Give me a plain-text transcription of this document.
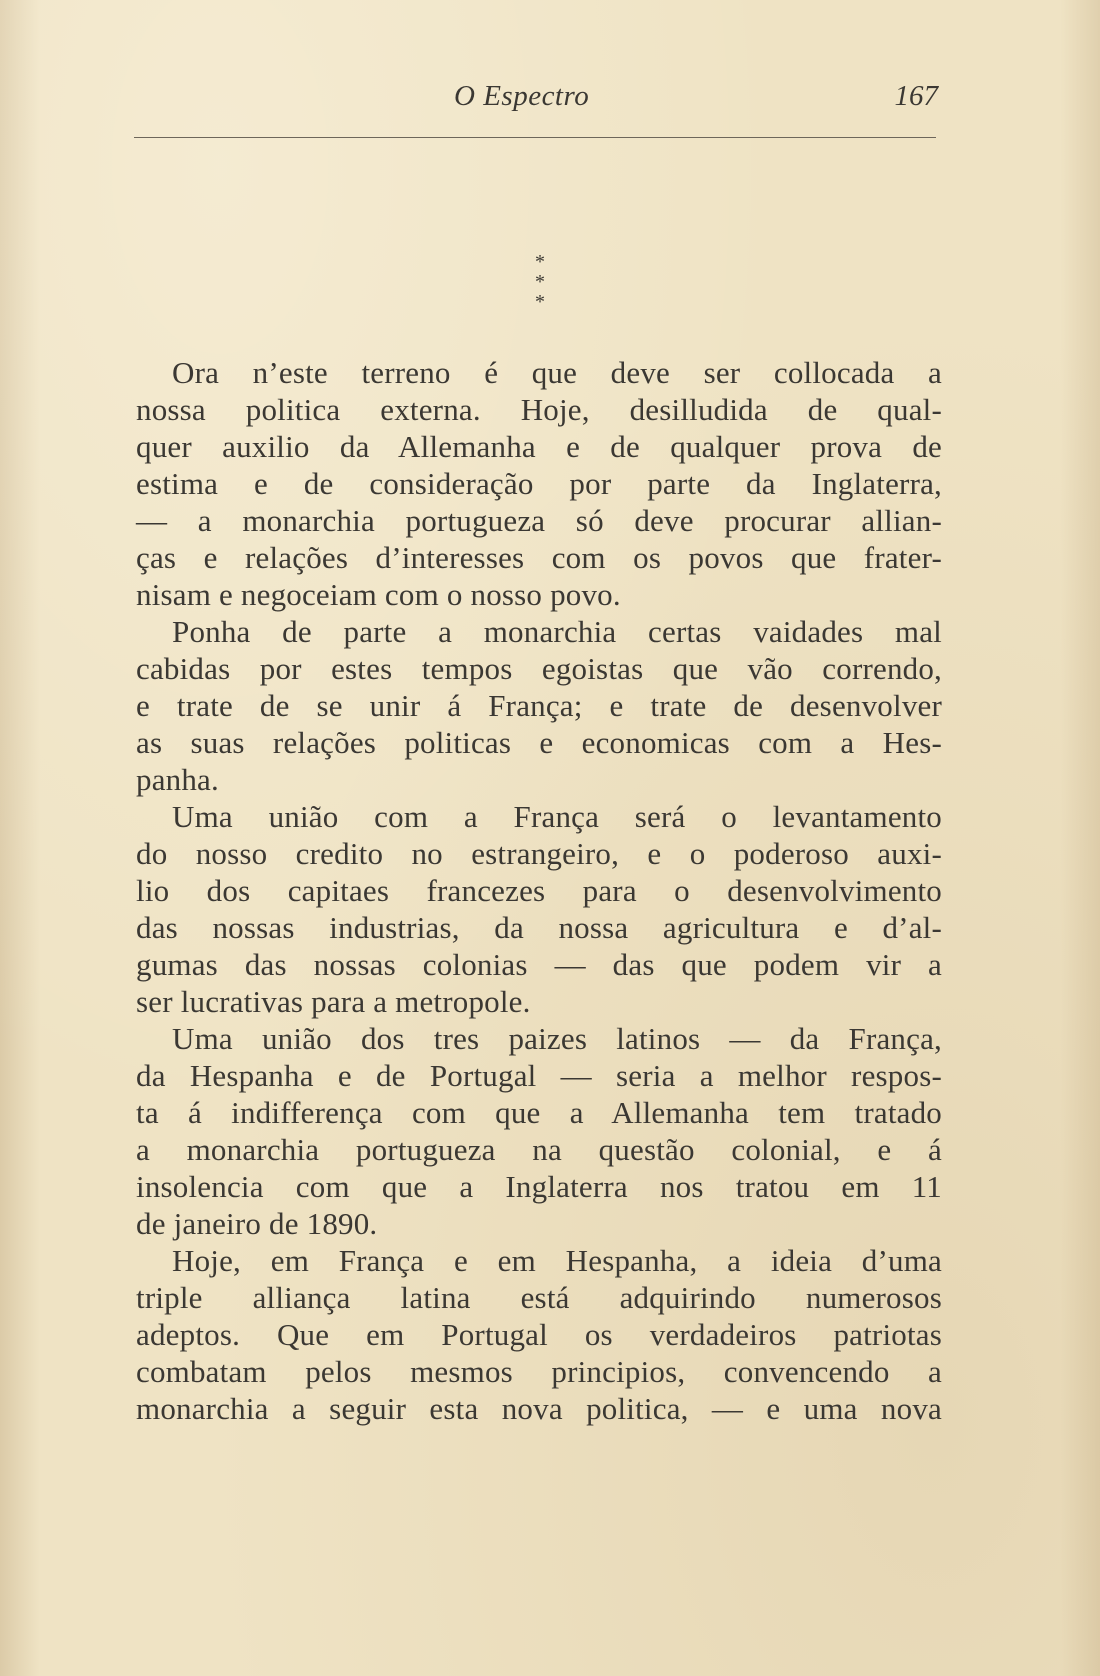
O Espectro	167
*
* *
Ora n’este terreno é que deve ser collocada a
nossa politica externa. Hoje, desilludida de qual-
quer auxilio da Allemanha e de qualquer prova de
estima e de consideração por parte da Inglaterra,
— a monarchia portugueza só deve procurar allian-
ças e relações d’interesses com os povos que frater-
nisam e negoceiam com o nosso povo.
Ponha de parte a monarchia certas vaidades mal
cabidas por estes tempos egoistas que vão correndo,
e trate de se unir á França; e trate de desenvolver
as suas relações politicas e economicas com a Hes-
panha.
Uma união com a França será o levantamento
do nosso credito no estrangeiro, e o poderoso auxi-
lio dos capitaes francezes para o desenvolvimento
das nossas industrias, da nossa agricultura e d’al-
gumas das nossas colonias — das que podem vir a
ser lucrativas para a metropole.
Uma união dos tres paizes latinos — da França,
da Hespanha e de Portugal — seria a melhor respos-
ta á indifferença com que a Allemanha tem tratado
a monarchia portugueza na questão colonial, e á
insolencia com que a Inglaterra nos tratou em 11
de janeiro de 1890.
Hoje, em França e em Hespanha, a ideia d’uma
triple alliança latina está adquirindo numerosos
adeptos. Que em Portugal os verdadeiros patriotas
combatam pelos mesmos principios, convencendo a
monarchia a seguir esta nova politica, — e uma nova
